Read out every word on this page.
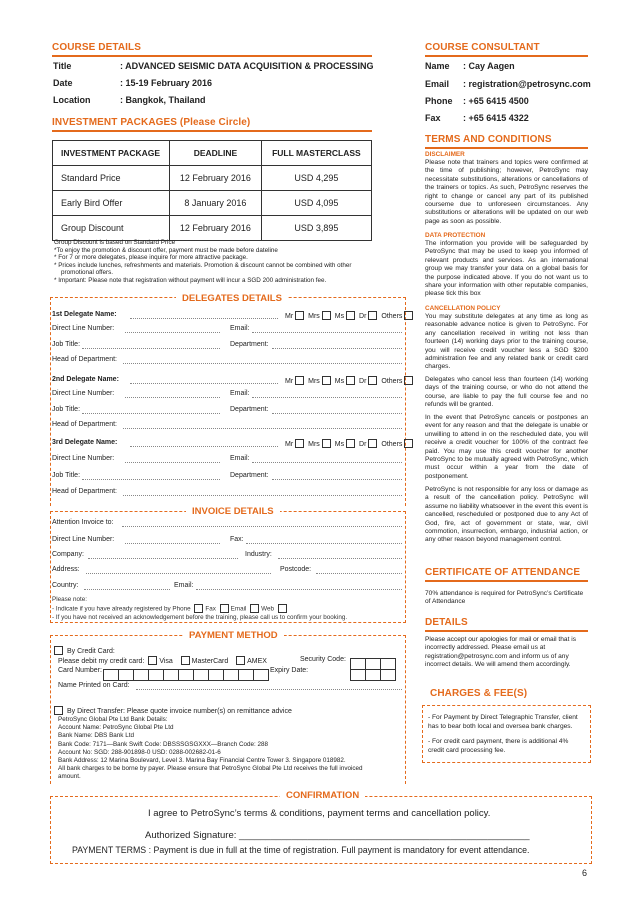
COURSE DETAILS
Title	: ADVANCED SEISMIC DATA ACQUISITION & PROCESSING
Date	: 15-19 February 2016
Location	: Bangkok, Thailand
COURSE CONSULTANT
Name : Cay Aagen
Email : registration@petrosync.com
Phone : +65 6415 4500
Fax : +65 6415 4322
INVESTMENT PACKAGES (Please Circle)
INVESTMENT PACKAGE	DEADLINE	FULL MASTERCLASS
Standard Price	12 February 2016	USD 4,295
Early Bird Offer	8 January 2016	USD 4,095
Group Discount	12 February 2016	USD 3,895
Group Discount is based on Standard Price
*To enjoy the promotion & discount offer, payment must be made before dateline
* For 7 or more delegates, please inquire for more attractive package.
* Prices include lunches, refreshments and materials. Promotion & discount cannot be combined with other
promotional offers.
* Important: Please note that registration without payment will incur a SGD 200 administration fee.
DELEGATES DETAILS
1st Delegate Name:	Mr Mrs Ms Dr Others
Direct Line Number:	Email:
Job Title:	Department:
Head of Department:
2nd Delegate Name:	Mr Mrs Ms Dr Others
Direct Line Number:	Email:
Job Title:	Department:
Head of Department:
3rd Delegate Name:	Mr Mrs Ms Dr Others
Direct Line Number:	Email:
Job Title:	Department:
Head of Department:
INVOICE DETAILS
Attention Invoice to:
Direct Line Number:	Fax:
Company:	Industry:
Address:	Postcode:
Country:	Email:
Please note:
- Indicate if you have already registered by Phone Fax Email Web
- If you have not received an acknowledgement before the training, please call us to confirm your booking.
PAYMENT METHOD
By Credit Card:
Please debit my credit card: Visa	MasterCard	AMEX	Security Code:
Card Number:	Expiry Date:
Name Printed on Card:
By Direct Transfer: Please quote invoice number(s) on remittance advice
PetroSync Global Pte Ltd Bank Details:
Account Name: PetroSync Global Pte Ltd
Bank Name: DBS Bank Ltd
Bank Code: 7171—Bank Swift Code: DBSSSGSGXXX—Branch Code: 288
Account No: SGD: 288-901898-0 USD: 0288-002682-01-6
Bank Address: 12 Marina Boulevard, Level 3. Marina Bay Financial Centre Tower 3. Singapore 018982.
All bank charges to be borne by payer. Please ensure that PetroSync Global Pte Ltd receives the full invoiced
amount.
TERMS AND CONDITIONS
DISCLAIMER
Please note that trainers and topics were confirmed at the time of publishing; however, PetroSync may necessitate substitutions, alterations or cancellations of the trainers or topics. As such, PetroSync reserves the right to change or cancel any part of its published courseme due to unforeseen circumstances. Any substitutions or alterations will be updated on our web page as soon as possible.
DATA PROTECTION
The information you provide will be safeguarded by PetroSync that may be used to keep you informed of relevant products and services. As an international group we may transfer your data on a global basis for the purpose indicated above. If you do not want us to share your information with other reputable companies, please tick this box
CANCELLATION POLICY
You may substitute delegates at any time as long as reasonable advance notice is given to PetroSync. For any cancellation received in writing not less than fourteen (14) working days prior to the training course, you will receive credit voucher less a SGD $200 administration fee and any related bank or credit card charges.
Delegates who cancel less than fourteen (14) working days of the training course, or who do not attend the course, are liable to pay the full course fee and no refunds will be granted.
In the event that PetroSync cancels or postpones an event for any reason and that the delegate is unable or unwilling to attend in on the rescheduled date, you will receive a credit voucher for 100% of the contract fee paid. You may use this credit voucher for another PetroSync to be mutually agreed with PetroSync, which must occur within a year from the date of postponement.
PetroSync is not responsible for any loss or damage as a result of the cancellation policy. PetroSync will assume no liability whatsoever in the event this event is cancelled, rescheduled or postponed due to any Act of God, fire, act of government or state, war, civil commotion, insurrection, embargo, industrial action, or any other reason beyond management control.
CERTIFICATE OF ATTENDANCE
70% attendance is required for PetroSync’s Certificate of Attendance
DETAILS
Please accept our apologies for mail or email that is incorrectly addressed. Please email us at registration@petrosync.com and inform us of any incorrect details. We will amend them accordingly.
CHARGES & FEE(S)
- For Payment by Direct Telegraphic Transfer, client has to bear both local and oversea bank charges.
- For credit card payment, there is additional 4% credit card processing fee.
CONFIRMATION
I agree to PetroSync’s terms & conditions, payment terms and cancellation policy.
Authorized Signature: _______________________________________________________
PAYMENT TERMS : Payment is due in full at the time of registration. Full payment is mandatory for event attendance.
6
